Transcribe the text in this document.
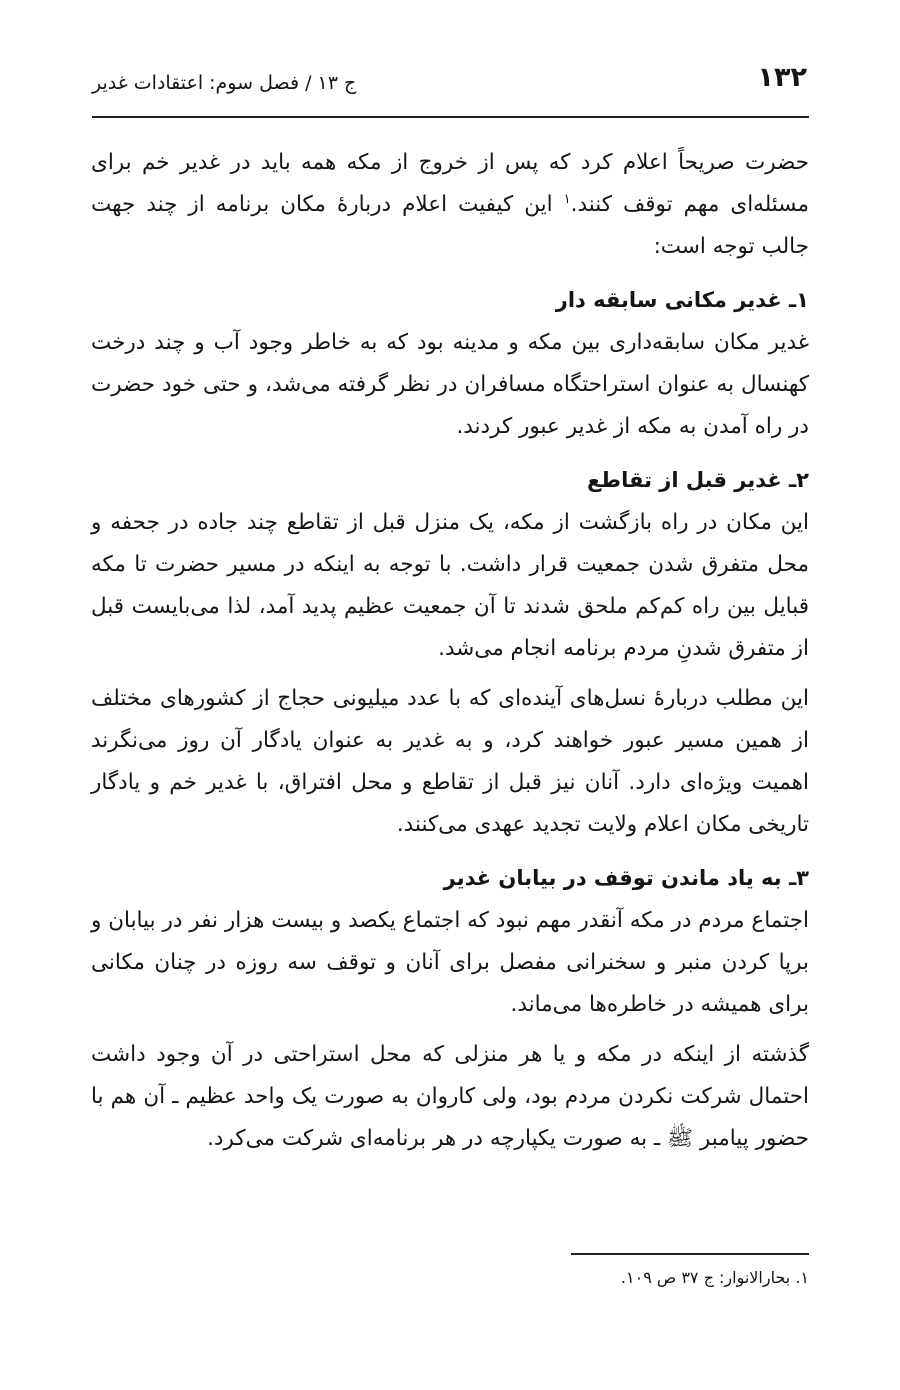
۱۳۲

ج ۱۳ / فصل سوم: اعتقادات غدیر

حضرت صریحاً اعلام کرد که پس از خروج از مکه همه باید در غدیر خم برای مسئله‌ای مهم توقف کنند.$^۱$ این کیفیت اعلام دربارهٔ مکان برنامه از چند جهت جالب توجه است:

۱ـ غدیر مکانی سابقه دار

غدیر مکان سابقه‌داری بین مکه و مدینه بود که به خاطر وجود آب و چند درخت کهنسال به عنوان استراحتگاه مسافران در نظر گرفته می‌شد، و حتی خود حضرت در راه آمدن به مکه از غدیر عبور کردند.

۲ـ غدیر قبل از تقاطع

این مکان در راه بازگشت از مکه، یک منزل قبل از تقاطع چند جاده در جحفه و محل متفرق شدن جمعیت قرار داشت. با توجه به اینکه در مسیر حضرت تا مکه قبایل بین راه کم‌کم ملحق شدند تا آن جمعیت عظیم پدید آمد، لذا می‌بایست قبل از متفرق شدنِ مردم برنامه انجام می‌شد.

این مطلب دربارهٔ نسل‌های آینده‌ای که با عدد میلیونی حجاج از کشورهای مختلف از همین مسیر عبور خواهند کرد، و به غدیر به عنوان یادگار آن روز می‌نگرند اهمیت ویژه‌ای دارد. آنان نیز قبل از تقاطع و محل افتراق، با غدیر خم و یادگار تاریخی مکان اعلام ولایت تجدید عهدی می‌کنند.

۳ـ به یاد ماندن توقف در بیابان غدیر

اجتماع مردم در مکه آنقدر مهم نبود که اجتماع یکصد و بیست هزار نفر در بیابان و برپا کردن منبر و سخنرانی مفصل برای آنان و توقف سه روزه در چنان مکانی برای همیشه در خاطره‌ها می‌ماند.

گذشته از اینکه در مکه و یا هر منزلی که محل استراحتی در آن وجود داشت احتمال شرکت نکردن مردم بود، ولی کاروان به صورت یک واحد عظیم ـ آن هم با حضور پیامبر ﷺ ـ به صورت یکپارچه در هر برنامه‌ای شرکت می‌کرد.

۱. بحارالانوار: ج ۳۷ ص ۱۰۹.
